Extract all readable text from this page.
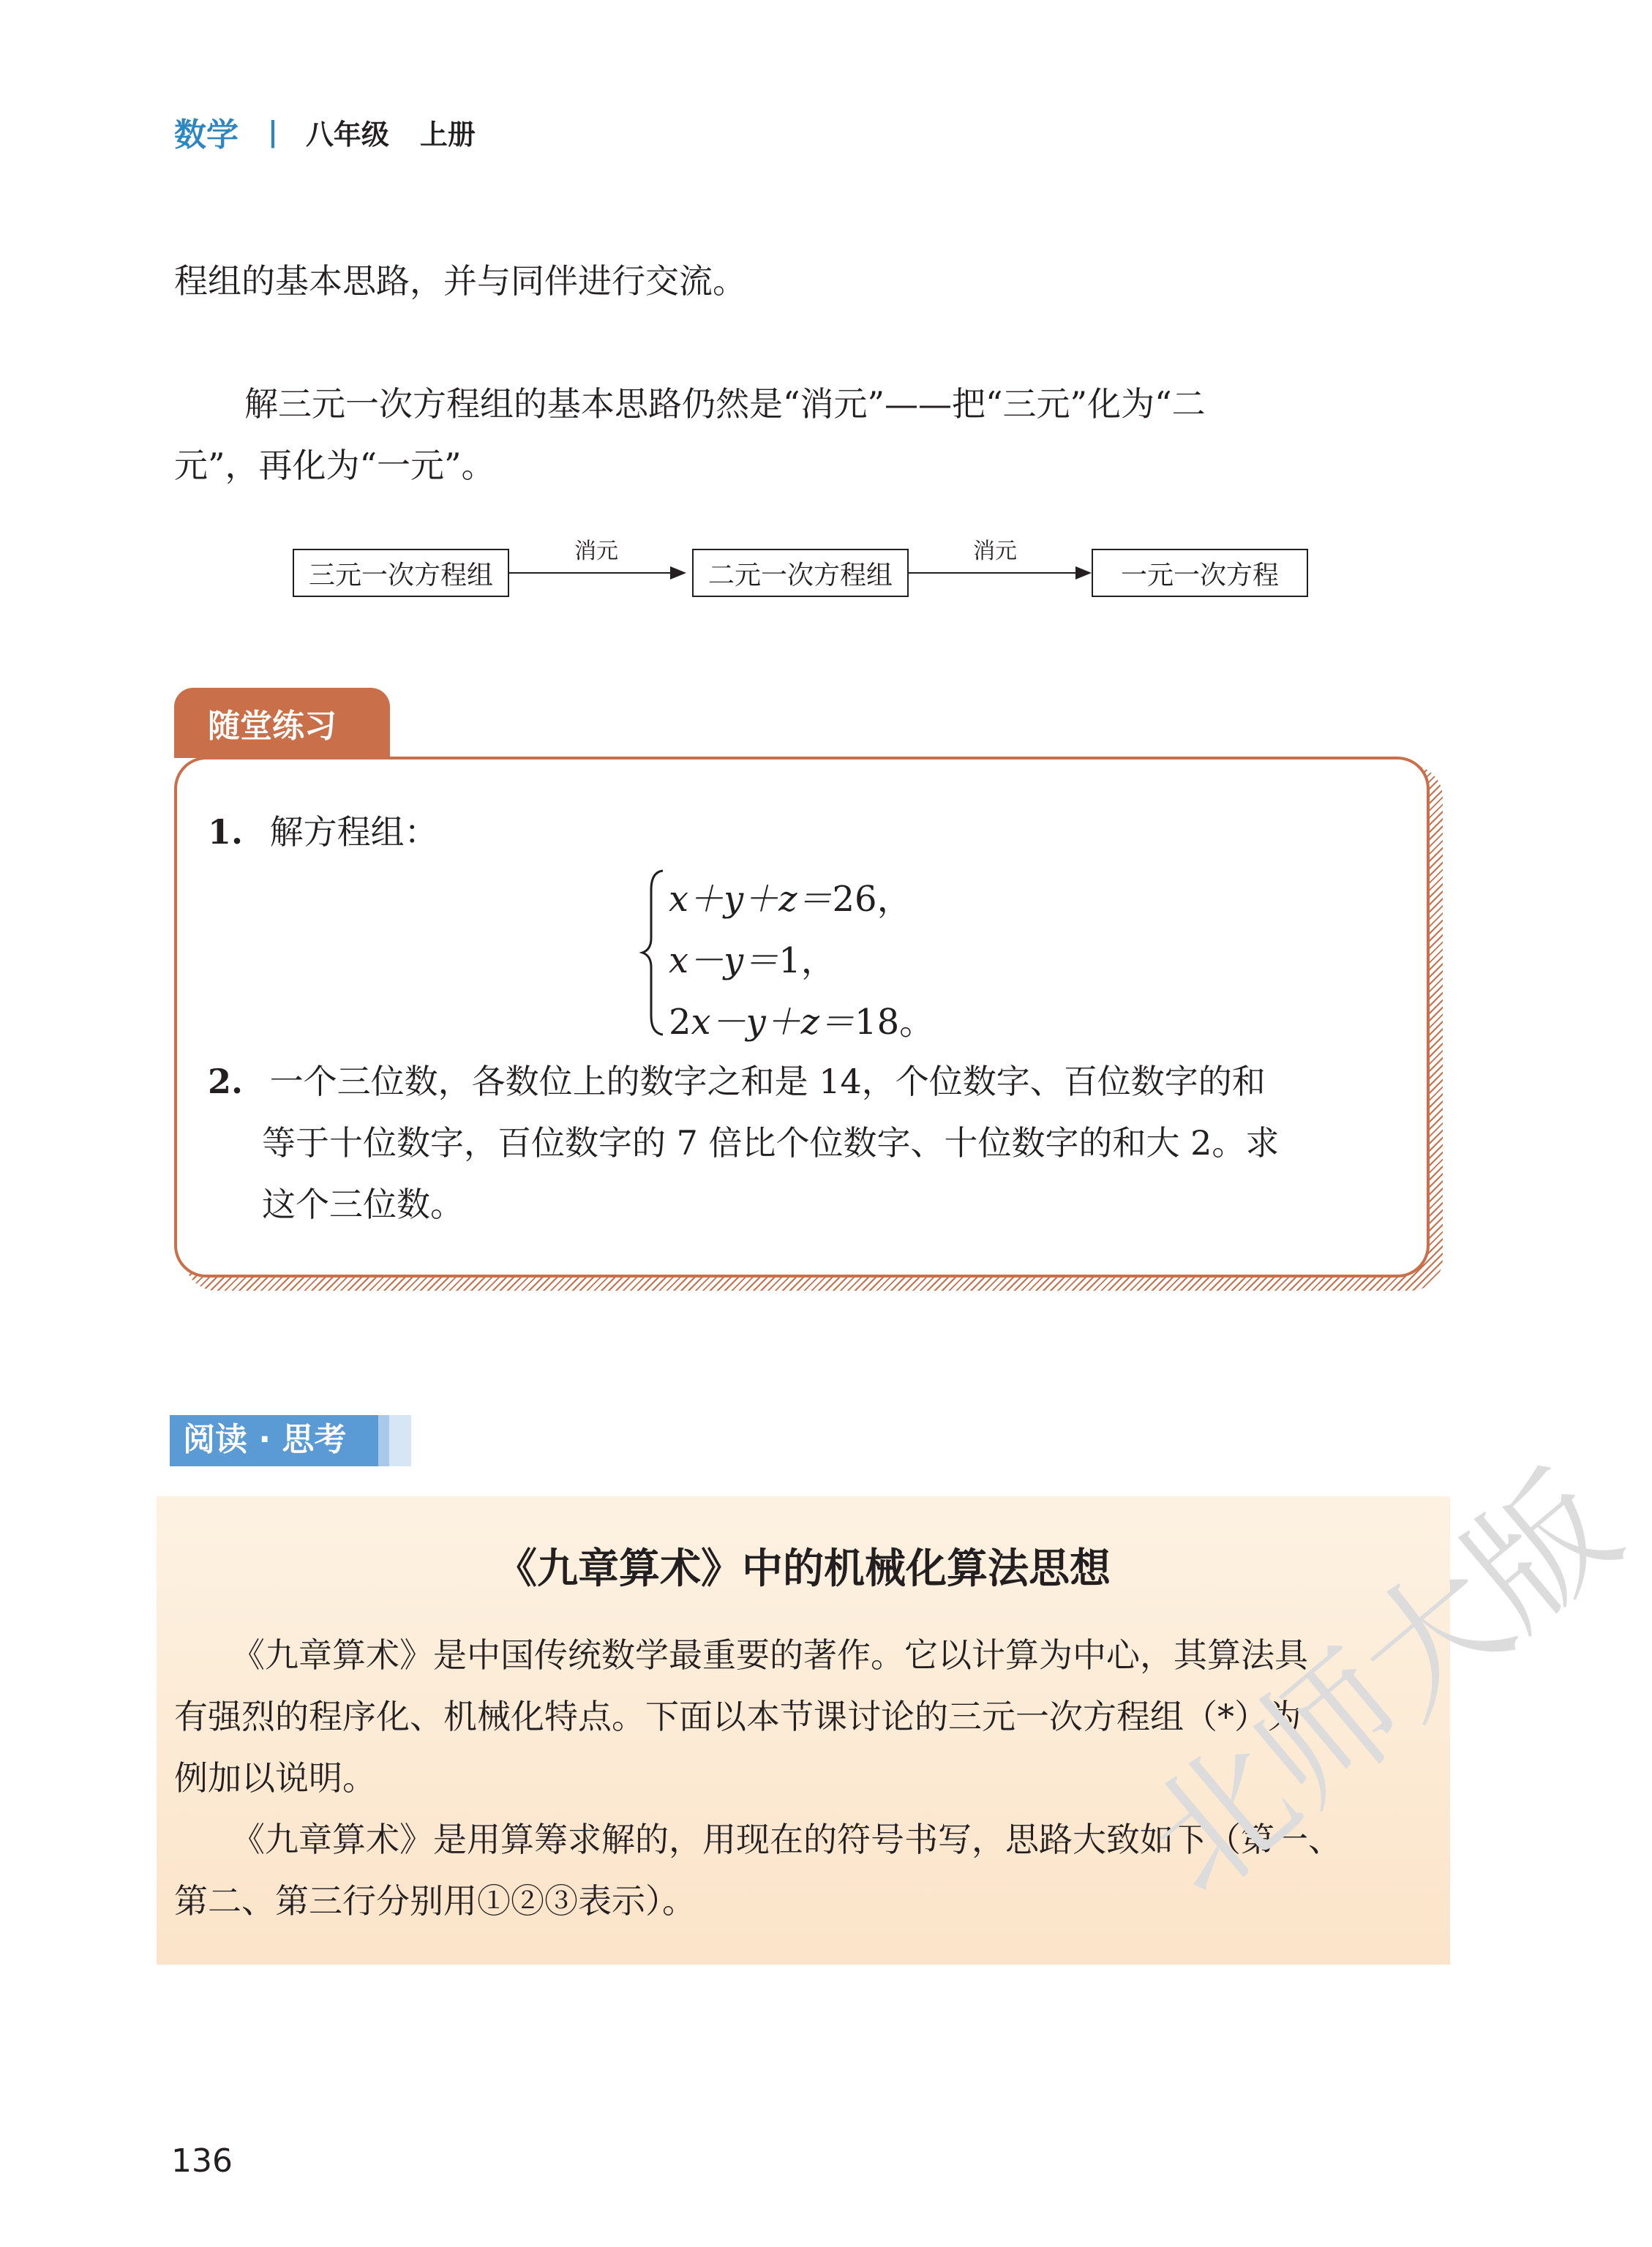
数学 | 八年级 上册
程组的基本思路，并与同伴进行交流。
解三元一次方程组的基本思路仍然是“消元”——把“三元”化为“二
元”，再化为“一元”。
三元一次方程组
消元
二元一次方程组
消元
一元一次方程
随堂练习
1. 解方程组：
x＋y＋z＝26，
x－y＝1，
2x－y＋z＝18。
2. 一个三位数，各数位上的数字之和是 14，个位数字、百位数字的和
等于十位数字，百位数字的 7 倍比个位数字、十位数字的和大 2。求
这个三位数。
阅读 · 思考
《九章算术》中的机械化算法思想
《九章算术》是中国传统数学最重要的著作。它以计算为中心，其算法具
有强烈的程序化、机械化特点。下面以本节课讨论的三元一次方程组（*）为
例加以说明。
《九章算术》是用算筹求解的，用现在的符号书写，思路大致如下（第一、
第二、第三行分别用①②③表示）。
136
北师大版
